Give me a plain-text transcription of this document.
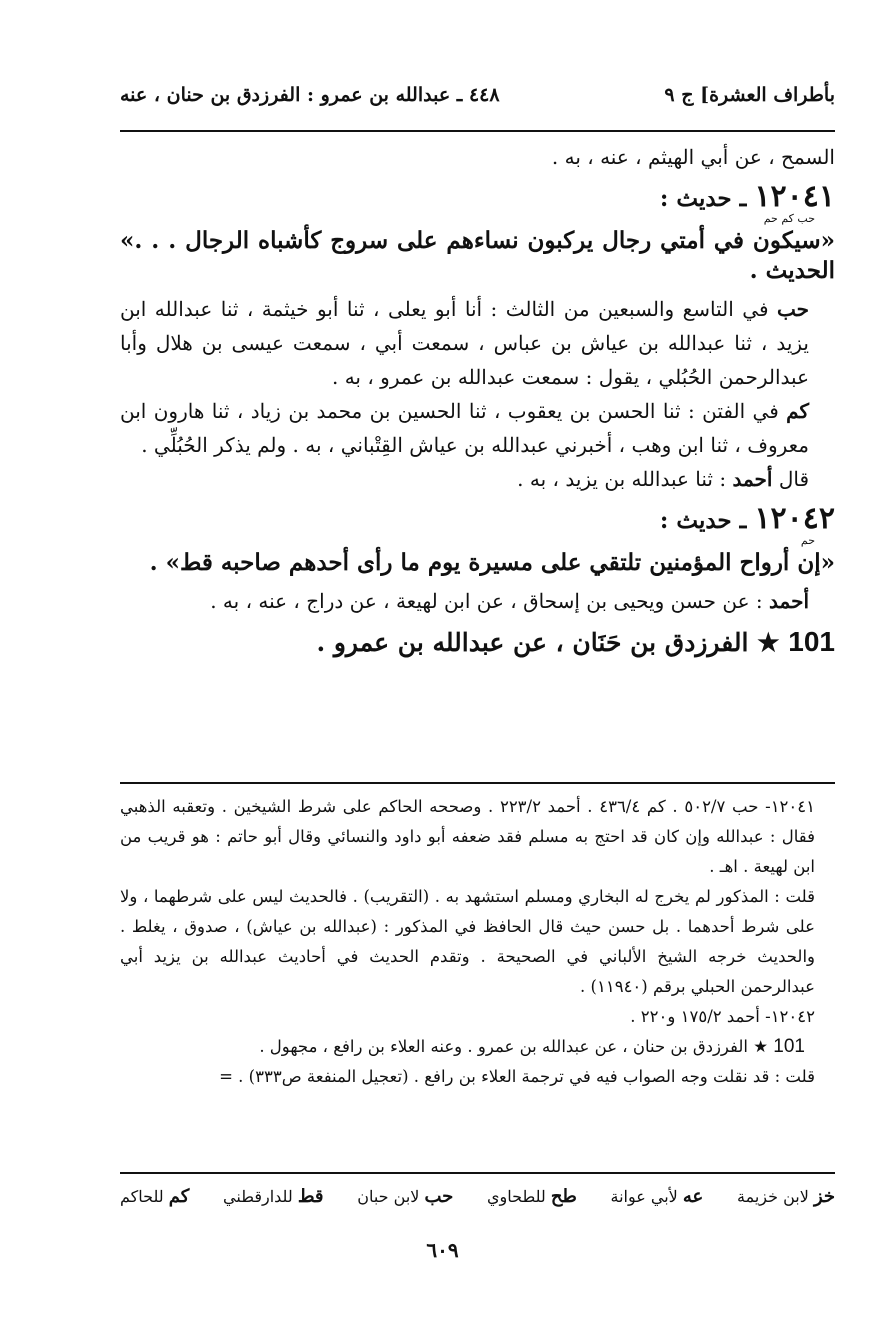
بأطراف العشرة] ج ٩
٤٤٨ ـ عبدالله بن عمرو : الفرزدق بن حنان ، عنه

السمح ، عن أبي الهيثم ، عنه ، به .

١٢٠٤١ ـ حديث :
حب كم حم
«سيكون في أمتي رجال يركبون نساءهم على سروج كأشباه الرجال . . .» الحديث .

حب في التاسع والسبعين من الثالث : أنا أبو يعلى ، ثنا أبو خيثمة ، ثنا عبدالله ابن يزيد ، ثنا عبدالله بن عياش بن عباس ، سمعت أبي ، سمعت عيسى بن هلال وأبا عبدالرحمن الحُبُلي ، يقول : سمعت عبدالله بن عمرو ، به .

كم في الفتن : ثنا الحسن بن يعقوب ، ثنا الحسين بن محمد بن زياد ، ثنا هارون ابن معروف ، ثنا ابن وهب ، أخبرني عبدالله بن عياش القِتْباني ، به . ولم يذكر الحُبُلِّي .

قال أحمد : ثنا عبدالله بن يزيد ، به .

١٢٠٤٢ ـ حديث :
حم
«إن أرواح المؤمنين تلتقي على مسيرة يوم ما رأى أحدهم صاحبه قط» .

أحمد : عن حسن ويحيى بن إسحاق ، عن ابن لهيعة ، عن دراج ، عنه ، به .

101 ★ الفرزدق بن حَنَان ، عن عبدالله بن عمرو .

١٢٠٤١- حب ٥٠٢/٧ . كم ٤٣٦/٤ . أحمد ٢٢٣/٢ . وصححه الحاكم على شرط الشيخين . وتعقبه الذهبي فقال : عبدالله وإن كان قد احتج به مسلم فقد ضعفه أبو داود والنسائي وقال أبو حاتم : هو قريب من ابن لهيعة . اهـ .

قلت : المذكور لم يخرج له البخاري ومسلم استشهد به . (التقريب) . فالحديث ليس على شرطهما ، ولا على شرط أحدهما . بل حسن حيث قال الحافظ في المذكور : (عبدالله بن عياش) ، صدوق ، يغلط . والحديث خرجه الشيخ الألباني في الصحيحة . وتقدم الحديث في أحاديث عبدالله بن يزيد أبي عبدالرحمن الحبلي برقم (١١٩٤٠) .

١٢٠٤٢- أحمد ١٧٥/٢ و٢٢٠ .

101 ★ الفرزدق بن حنان ، عن عبدالله بن عمرو . وعنه العلاء بن رافع ، مجهول .

قلت : قد نقلت وجه الصواب فيه في ترجمة العلاء بن رافع . (تعجيل المنفعة ص٣٣٣) . =

خز لابن خزيمة
عه لأبي عوانة
طح للطحاوي
حب لابن حبان
قط للدارقطني
كم للحاكم
٦٠٩
